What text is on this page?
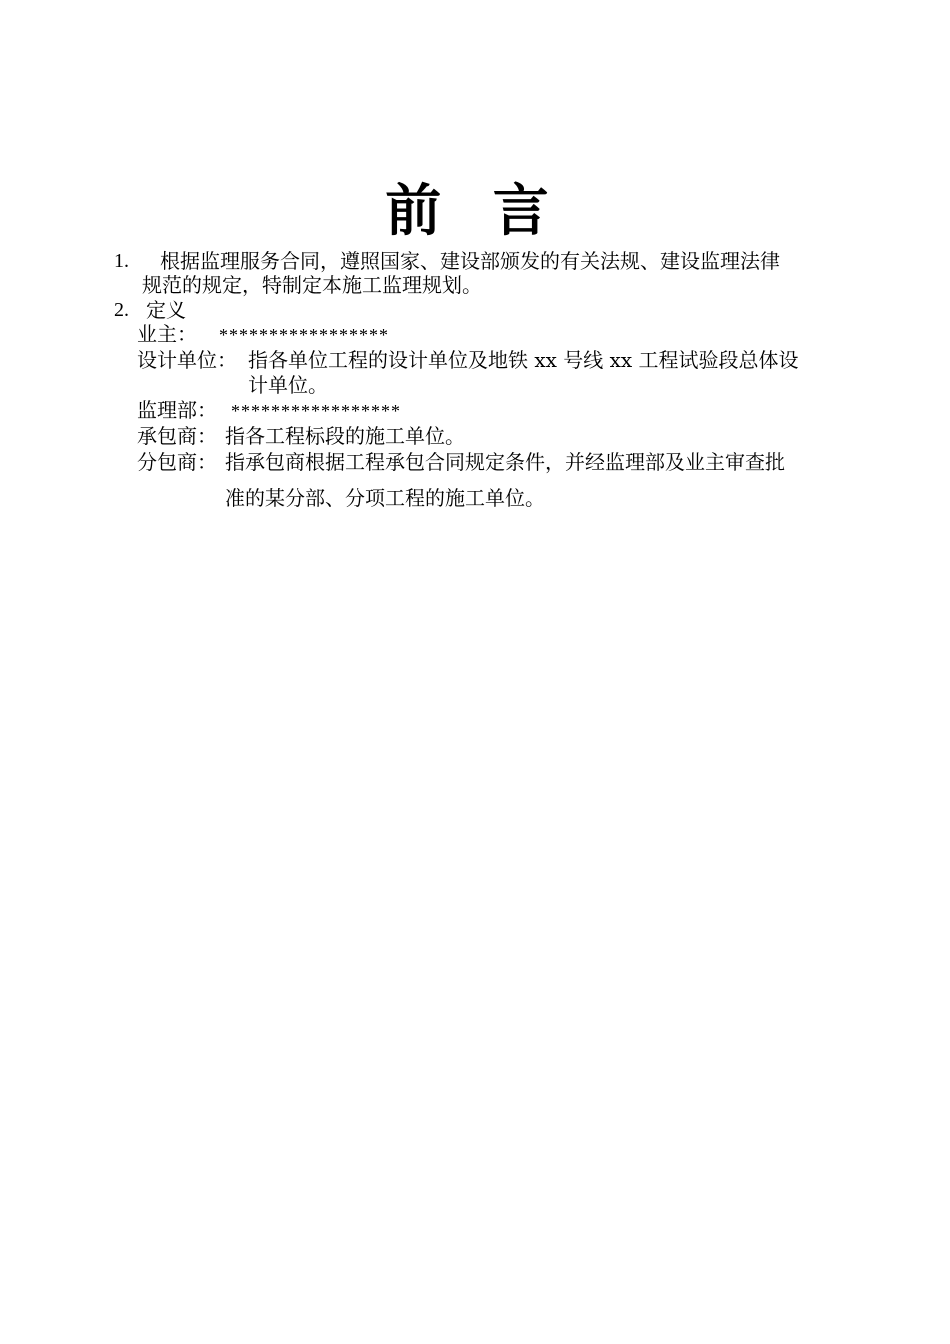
前 言
1. 根据监理服务合同，遵照国家、建设部颁发的有关法规、建设监理法律
规范的规定，特制定本施工监理规划。
2. 定义
业主： *****************
设计单位： 指各单位工程的设计单位及地铁 xx 号线 xx 工程试验段总体设
计单位。
监理部： *****************
承包商： 指各工程标段的施工单位。
分包商： 指承包商根据工程承包合同规定条件，并经监理部及业主审查批
准的某分部、分项工程的施工单位。
